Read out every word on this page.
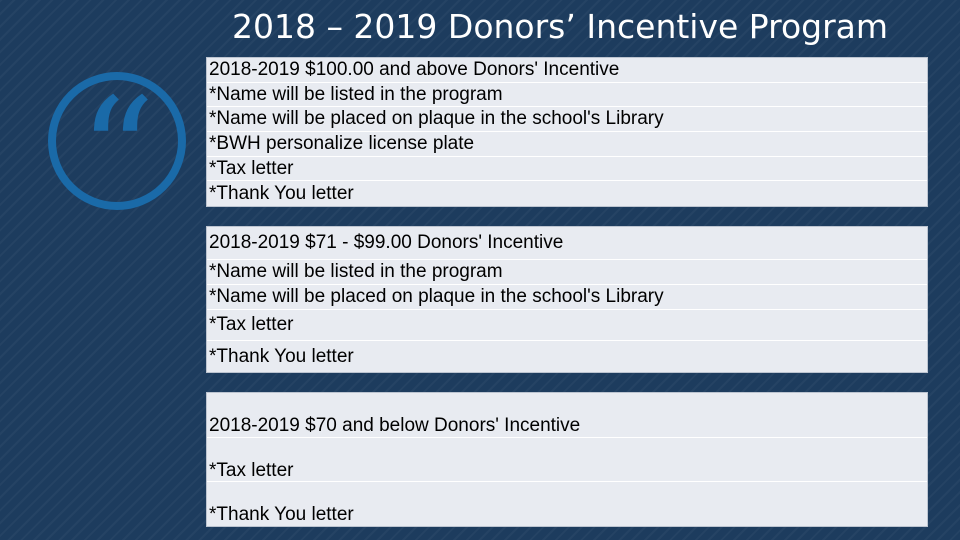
2018 – 2019 Donors’ Incentive Program
“	2018-2019 $100.00 and above Donors' Incentive
*Name will be listed in the program
*Name will be placed on plaque in the school's Library
*BWH personalize license plate
*Tax letter
*Thank You letter
2018-2019 $71 - $99.00 Donors' Incentive
*Name will be listed in the program
*Name will be placed on plaque in the school's Library
*Tax letter
*Thank You letter
2018-2019 $70 and below Donors' Incentive
*Tax letter
*Thank You letter
